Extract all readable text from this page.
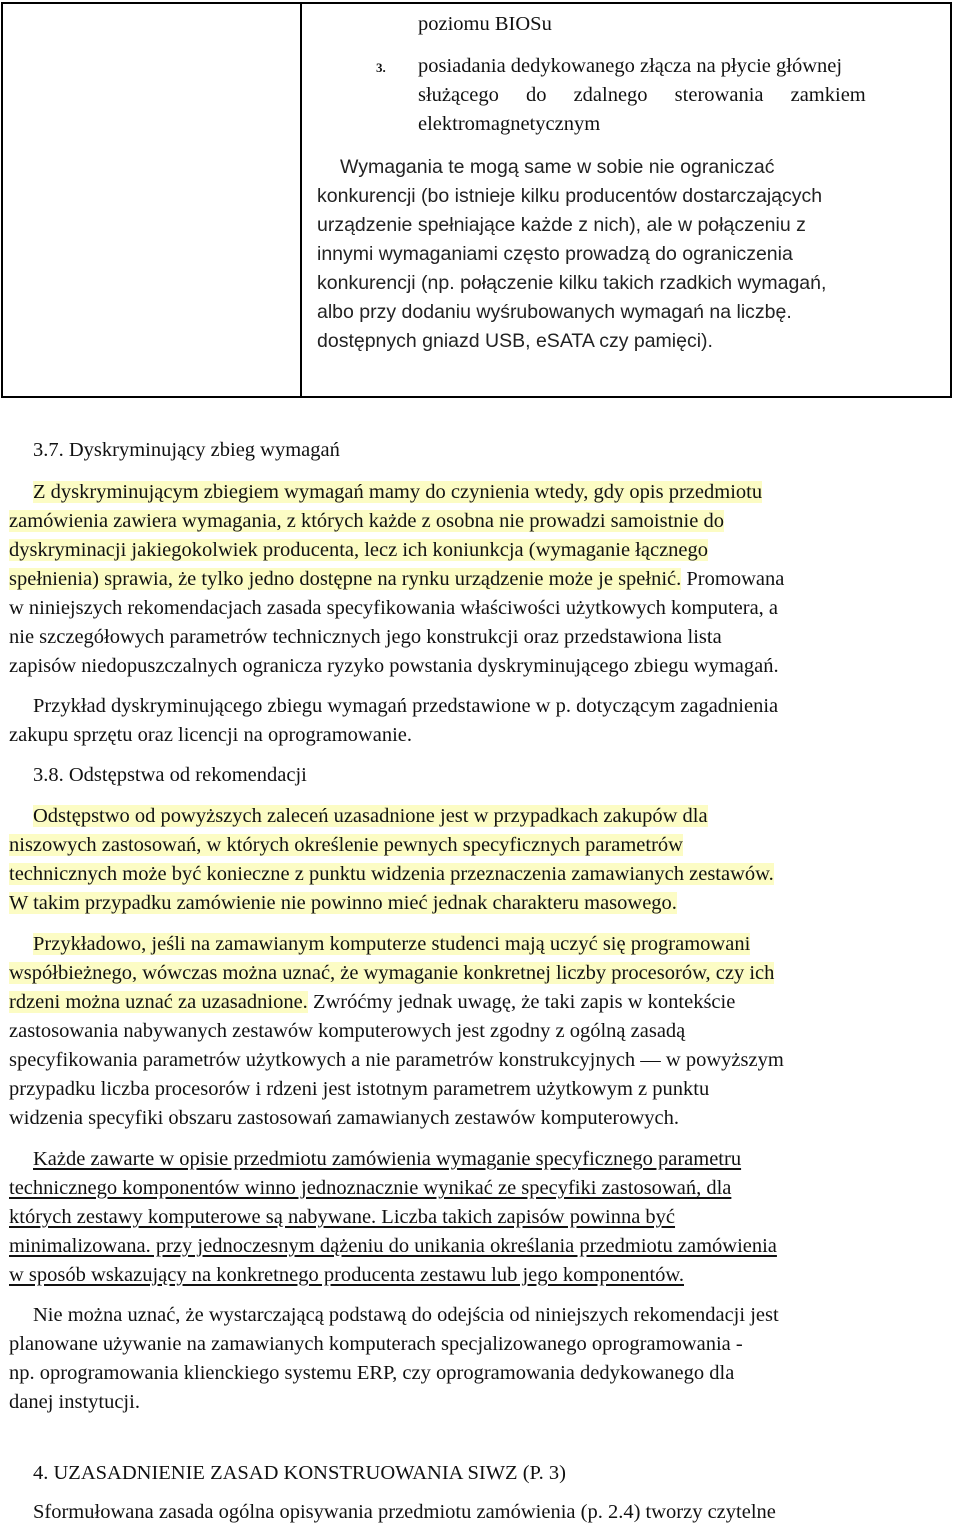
poziomu BIOSu
3. posiadania dedykowanego złącza na płycie głównej
służącego do zdalnego sterowania zamkiem
elektromagnetycznym
Wymagania te mogą same w sobie nie ograniczać
konkurencji (bo istnieje kilku producentów dostarczających
urządzenie spełniające każde z nich), ale w połączeniu z
innymi wymaganiami często prowadzą do ograniczenia
konkurencji (np. połączenie kilku takich rzadkich wymagań,
albo przy dodaniu wyśrubowanych wymagań na liczbę.
dostępnych gniazd USB, eSATA czy pamięci).
3.7. Dyskryminujący zbieg wymagań
Z dyskryminującym zbiegiem wymagań mamy do czynienia wtedy, gdy opis przedmiotu
zamówienia zawiera wymagania, z których każde z osobna nie prowadzi samoistnie do
dyskryminacji jakiegokolwiek producenta, lecz ich koniunkcja (wymaganie łącznego
spełnienia) sprawia, że tylko jedno dostępne na rynku urządzenie może je spełnić. Promowana
w niniejszych rekomendacjach zasada specyfikowania właściwości użytkowych komputera, a
nie szczegółowych parametrów technicznych jego konstrukcji oraz przedstawiona lista
zapisów niedopuszczalnych ogranicza ryzyko powstania dyskryminującego zbiegu wymagań.
Przykład dyskryminującego zbiegu wymagań przedstawione w p. dotyczącym zagadnienia
zakupu sprzętu oraz licencji na oprogramowanie.
3.8. Odstępstwa od rekomendacji
Odstępstwo od powyższych zaleceń uzasadnione jest w przypadkach zakupów dla
niszowych zastosowań, w których określenie pewnych specyficznych parametrów
technicznych może być konieczne z punktu widzenia przeznaczenia zamawianych zestawów.
W takim przypadku zamówienie nie powinno mieć jednak charakteru masowego.
Przykładowo, jeśli na zamawianym komputerze studenci mają uczyć się programowani
współbieżnego, wówczas można uznać, że wymaganie konkretnej liczby procesorów, czy ich
rdzeni można uznać za uzasadnione. Zwróćmy jednak uwagę, że taki zapis w kontekście
zastosowania nabywanych zestawów komputerowych jest zgodny z ogólną zasadą
specyfikowania parametrów użytkowych a nie parametrów konstrukcyjnych — w powyższym
przypadku liczba procesorów i rdzeni jest istotnym parametrem użytkowym z punktu
widzenia specyfiki obszaru zastosowań zamawianych zestawów komputerowych.
Każde zawarte w opisie przedmiotu zamówienia wymaganie specyficznego parametru
technicznego komponentów winno jednoznacznie wynikać ze specyfiki zastosowań, dla
których zestawy komputerowe są nabywane. Liczba takich zapisów powinna być
minimalizowana. przy jednoczesnym dążeniu do unikania określania przedmiotu zamówienia
w sposób wskazujący na konkretnego producenta zestawu lub jego komponentów.
Nie można uznać, że wystarczającą podstawą do odejścia od niniejszych rekomendacji jest
planowane używanie na zamawianych komputerach specjalizowanego oprogramowania -
np. oprogramowania klienckiego systemu ERP, czy oprogramowania dedykowanego dla
danej instytucji.
4. UZASADNIENIE ZASAD KONSTRUOWANIA SIWZ (P. 3)
Sformułowana zasada ogólna opisywania przedmiotu zamówienia (p. 2.4) tworzy czytelne
